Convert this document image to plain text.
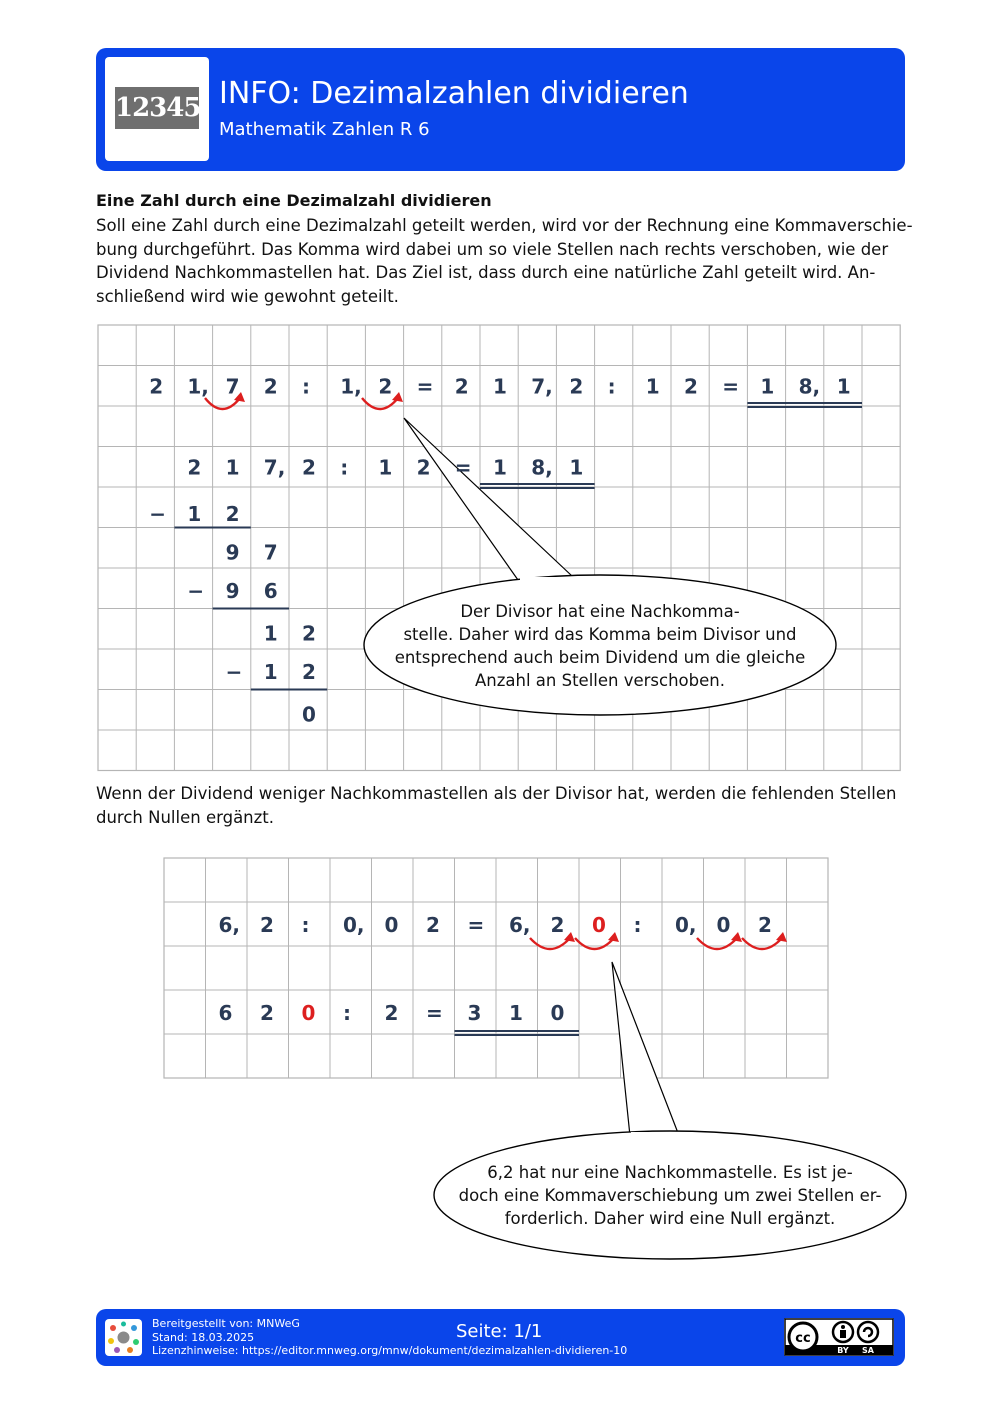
12345 INFO: Dezimalzahlen dividieren
Mathematik Zahlen R 6
Eine Zahl durch eine Dezimalzahl dividieren
Soll eine Zahl durch eine Dezimalzahl geteilt werden, wird vor der Rechnung eine Kommaverschie-
bung durchgeführt. Das Komma wird dabei um so viele Stellen nach rechts verschoben, wie der
Dividend Nachkommastellen hat. Das Ziel ist, dass durch eine natürliche Zahl geteilt wird. An-
schließend wird wie gewohnt geteilt.
2 1, 7 2 : 1, 2 = 2 1 7, 2 : 1 2 = 1 8, 1
2 1 7, 2 : 1 2 = 1 8, 1
− 1 2
9 7
− 9 6
1 2
− 1 2
0
6, 2 : 0, 0 2 = 6, 2 0 : 0, 0 2
6 2 0 : 2 = 3 1 0
Der Divisor hat eine Nachkomma-
stelle. Daher wird das Komma beim Divisor und
entsprechend auch beim Dividend um die gleiche
Anzahl an Stellen verschoben.
Wenn der Dividend weniger Nachkommastellen als der Divisor hat, werden die fehlenden Stellen
durch Nullen ergänzt.
6,2 hat nur eine Nachkommastelle. Es ist je-
doch eine Kommaverschiebung um zwei Stellen er-
forderlich. Daher wird eine Null ergänzt.
Bereitgestellt von: MNWeG
Stand: 18.03.2025
Lizenzhinweise: https://editor.mnweg.org/mnw/dokument/dezimalzahlen-dividieren-10
Seite: 1/1	cc
BY SA
